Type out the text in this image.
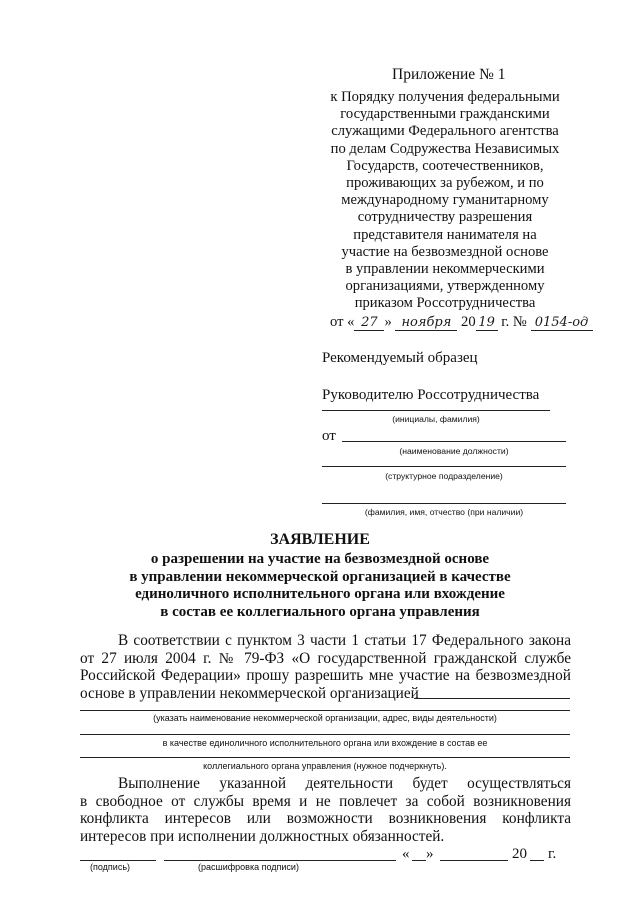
Приложение № 1
к Порядку получения федеральными
государственными гражданскими
служащими Федерального агентства
по делам Содружества Независимых
Государств, соотечественников,
проживающих за рубежом, и по
международному гуманитарному
сотрудничеству разрешения
представителя нанимателя на
участие на безвозмездной основе
в управлении некоммерческими
организациями, утвержденному
приказом Россотрудничества
от « 27 » ноября 20 19 г. № 0154-од
Рекомендуемый образец
Руководителю Россотрудничества
(инициалы, фамилия)
от
(наименование должности)
(структурное подразделение)
(фамилия, имя, отчество (при наличии)
ЗАЯВЛЕНИЕ
о разрешении на участие на безвозмездной основе
в управлении некоммерческой организацией в качестве
единоличного исполнительного органа или вхождение
в состав ее коллегиального органа управления
В соответствии с пунктом 3 части 1 статьи 17 Федерального закона
от 27 июля 2004 г. № 79-ФЗ «О государственной гражданской службе
Российской Федерации» прошу разрешить мне участие на безвозмездной
основе в управлении некоммерческой организацией
(указать наименование некоммерческой организации, адрес, виды деятельности)
в качестве единоличного исполнительного органа или вхождение в состав ее
коллегиального органа управления (нужное подчеркнуть).
Выполнение указанной деятельности будет осуществляться
в свободное от службы время и не повлечет за собой возникновения
конфликта интересов или возможности возникновения конфликта
интересов при исполнении должностных обязанностей.
« »	20 г.
(подпись)	(расшифровка подписи)
